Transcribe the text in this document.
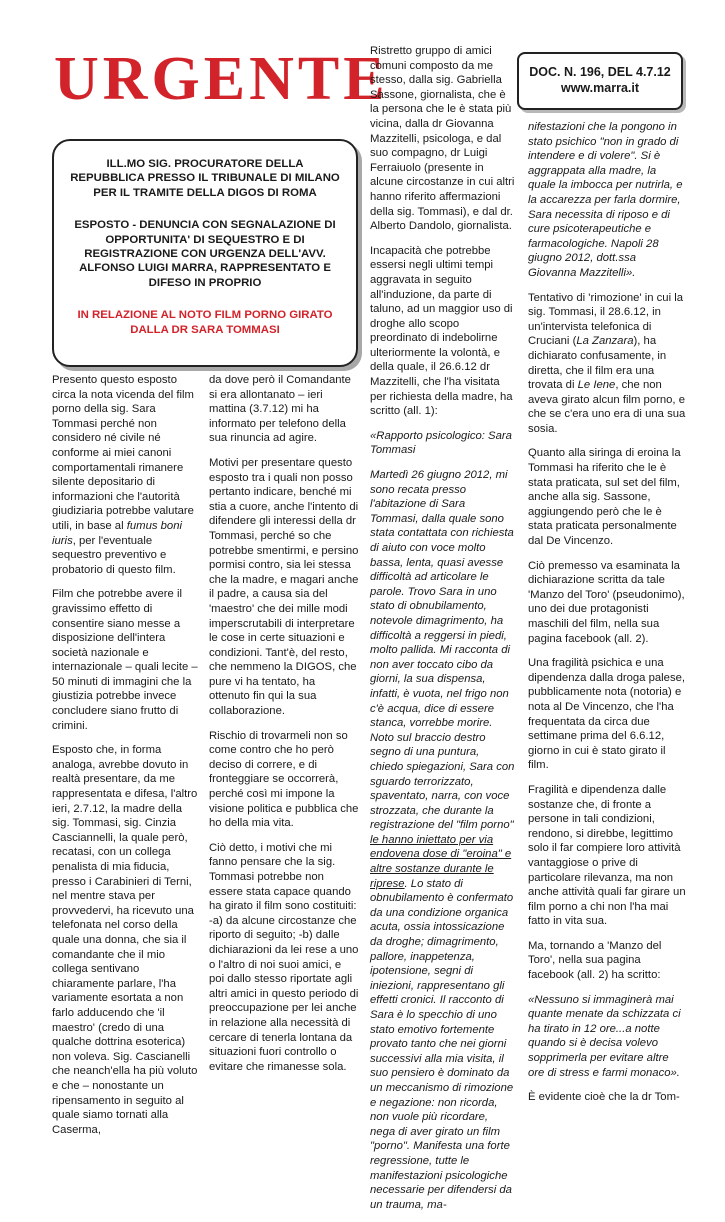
URGENTE	DOC. N. 196, DEL 4.7.12
www.marra.it

ILL.MO SIG. PROCURATORE DELLA REPUBBLICA PRESSO IL TRIBUNALE DI MILANO PER IL TRAMITE DELLA DIGOS DI ROMA

ESPOSTO - DENUNCIA CON SEGNALAZIONE DI OPPORTUNITA' DI SEQUESTRO E DI REGISTRAZIONE CON URGENZA DELL'AVV. ALFONSO LUIGI MARRA, RAPPRESENTATO E DIFESO IN PROPRIO

IN RELAZIONE AL NOTO FILM PORNO GIRATO DALLA DR SARA TOMMASI

Presento questo esposto circa la nota vicenda del film porno della sig. Sara Tommasi perché non considero né civile né conforme ai miei canoni comportamentali rimanere silente depositario di informazioni che l'autorità giudiziaria potrebbe valutare utili, in base al fumus boni iuris, per l'eventuale sequestro preventivo e probatorio di questo film.

Film che potrebbe avere il gravissimo effetto di consentire siano messe a disposizione dell'intera società nazionale e internazionale – quali lecite – 50 minuti di immagini che la giustizia potrebbe invece concludere siano frutto di crimini.

Esposto che, in forma analoga, avrebbe dovuto in realtà presentare, da me rappresentata e difesa, l'altro ieri, 2.7.12, la madre della sig. Tommasi, sig. Cinzia Casciannelli, la quale però, recatasi, con un collega penalista di mia fiducia, presso i Carabinieri di Terni, nel mentre stava per provvedervi, ha ricevuto una telefonata nel corso della quale una donna, che sia il comandante che il mio collega sentivano chiaramente parlare, l'ha variamente esortata a non farlo adducendo che 'il maestro' (credo di una qualche dottrina esoterica) non voleva. Sig. Cascianelli che neanch'ella ha più voluto e che – nonostante un ripensamento in seguito al quale siamo tornati alla Caserma,

da dove però il Comandante si era allontanato – ieri mattina (3.7.12) mi ha informato per telefono della sua rinuncia ad agire.

Motivi per presentare questo esposto tra i quali non posso pertanto indicare, benché mi stia a cuore, anche l'intento di difendere gli interessi della dr Tommasi, perché so che potrebbe smentirmi, e persino pormisi contro, sia lei stessa che la madre, e magari anche il padre, a causa sia del 'maestro' che dei mille modi imperscrutabili di interpretare le cose in certe situazioni e condizioni. Tant'è, del resto, che nemmeno la DIGOS, che pure vi ha tentato, ha ottenuto fin qui la sua collaborazione.

Rischio di trovarmeli non so come contro che ho però deciso di correre, e di fronteggiare se occorrerà, perché così mi impone la visione politica e pubblica che ho della mia vita.

Ciò detto, i motivi che mi fanno pensare che la sig. Tommasi potrebbe non essere stata capace quando ha girato il film sono costituiti: -a) da alcune circostanze che riporto di seguito; -b) dalle dichiarazioni da lei rese a uno o l'altro di noi suoi amici, e poi dallo stesso riportate agli altri amici in questo periodo di preoccupazione per lei anche in relazione alla necessità di cercare di tenerla lontana da situazioni fuori controllo o evitare che rimanesse sola.

Ristretto gruppo di amici comuni composto da me stesso, dalla sig. Gabriella Sassone, giornalista, che è la persona che le è stata più vicina, dalla dr Giovanna Mazzitelli, psicologa, e dal suo compagno, dr Luigi Ferraiuolo (presente in alcune circostanze in cui altri hanno riferito affermazioni della sig. Tommasi), e dal dr. Alberto Dandolo, giornalista.

Incapacità che potrebbe essersi negli ultimi tempi aggravata in seguito all'induzione, da parte di taluno, ad un maggior uso di droghe allo scopo preordinato di indebolirne ulteriormente la volontà, e della quale, il 26.6.12 dr Mazzitelli, che l'ha visitata per richiesta della madre, ha scritto (all. 1):

«Rapporto psicologico: Sara Tommasi

Martedì 26 giugno 2012, mi sono recata presso l'abitazione di Sara Tommasi, dalla quale sono stata contattata con richiesta di aiuto con voce molto bassa, lenta, quasi avesse difficoltà ad articolare le parole. Trovo Sara in uno stato di obnubilamento, notevole dimagrimento, ha difficoltà a reggersi in piedi, molto pallida. Mi racconta di non aver toccato cibo da giorni, la sua dispensa, infatti, è vuota, nel frigo non c'è acqua, dice di essere stanca, vorrebbe morire. Noto sul braccio destro segno di una puntura, chiedo spiegazioni, Sara con sguardo terrorizzato, spaventato, narra, con voce strozzata, che durante la registrazione del "film porno" le hanno iniettato per via endovena dose di "eroina" e altre sostanze durante le riprese. Lo stato di obnubilamento è confermato da una condizione organica acuta, ossia intossicazione da droghe; dimagrimento, pallore, inappetenza, ipotensione, segni di iniezioni, rappresentano gli effetti cronici. Il racconto di Sara è lo specchio di uno stato emotivo fortemente provato tanto che nei giorni successivi alla mia visita, il suo pensiero è dominato da un meccanismo di rimozione e negazione: non ricorda, non vuole più ricordare, nega di aver girato un film "porno". Manifesta una forte regressione, tutte le manifestazioni psicologiche necessarie per difendersi da un trauma, ma-

nifestazioni che la pongono in stato psichico "non in grado di intendere e di volere". Si è aggrappata alla madre, la quale la imbocca per nutrirla, e la accarezza per farla dormire, Sara necessita di riposo e di cure psicoterapeutiche e farmacologiche. Napoli 28 giugno 2012, dott.ssa Giovanna Mazzitelli».

Tentativo di 'rimozione' in cui la sig. Tommasi, il 28.6.12, in un'intervista telefonica di Cruciani (La Zanzara), ha dichiarato confusamente, in diretta, che il film era una trovata di Le Iene, che non aveva girato alcun film porno, e che se c'era uno era di una sua sosia.

Quanto alla siringa di eroina la Tommasi ha riferito che le è stata praticata, sul set del film, anche alla sig. Sassone, aggiungendo però che le è stata praticata personalmente dal De Vincenzo.

Ciò premesso va esaminata la dichiarazione scritta da tale 'Manzo del Toro' (pseudonimo), uno dei due protagonisti maschili del film, nella sua pagina facebook (all. 2).

Una fragilità psichica e una dipendenza dalla droga palese, pubblicamente nota (notoria) e nota al De Vincenzo, che l'ha frequentata da circa due settimane prima del 6.6.12, giorno in cui è stato girato il film.

Fragilità e dipendenza dalle sostanze che, di fronte a persone in tali condizioni, rendono, si direbbe, legittimo solo il far compiere loro attività vantaggiose o prive di particolare rilevanza, ma non anche attività quali far girare un film porno a chi non l'ha mai fatto in vita sua.

Ma, tornando a 'Manzo del Toro', nella sua pagina facebook (all. 2) ha scritto:

«Nessuno si immaginerà mai quante menate da schizzata ci ha tirato in 12 ore...a notte quando si è decisa volevo sopprimerla per evitare altre ore di stress e farmi monaco».

È evidente cioè che la dr Tom-
